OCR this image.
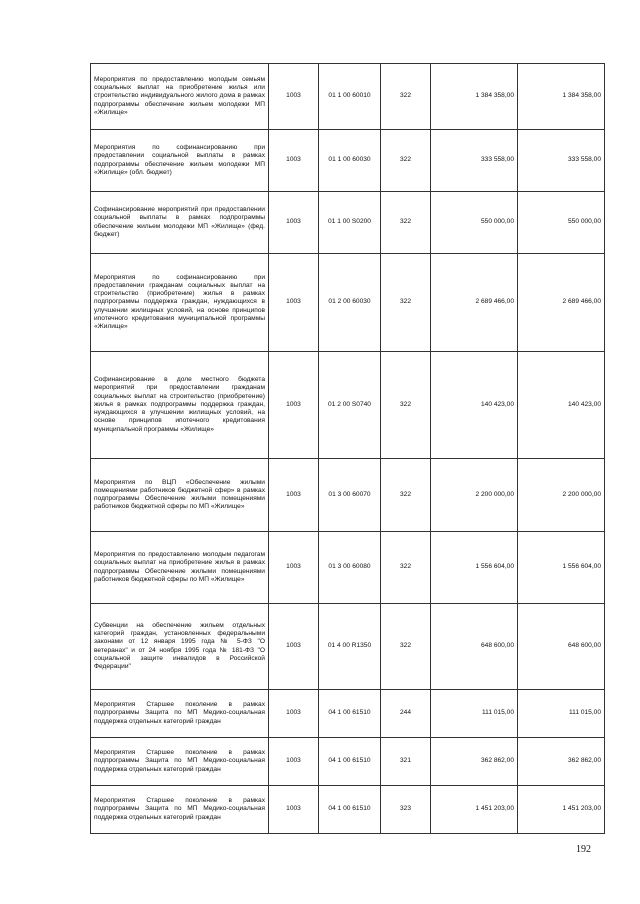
Мероприятия по предоставлению молодым семьям социальных выплат на приобретение жилья или строительство индивидуального жилого дома в рамках подпрограммы обеспечение жильем молодежи МП «Жилище»	1003	01 1 00 60010	322	1 384 358,00	1 384 358,00
Мероприятия по софинансированию при предоставлении социальной выплаты в рамках подпрограммы обеспечение жильем молодежи МП «Жилище» (обл. бюджет)	1003	01 1 00 60030	322	333 558,00	333 558,00
Софинансирование мероприятий при предоставлении социальной выплаты в рамках подпрограммы обеспечение жильем молодежи МП «Жилище» (фед. бюджет)	1003	01 1 00 S0200	322	550 000,00	550 000,00
Мероприятия по софинансированию при предоставлении гражданам социальных выплат на строительство (приобретение) жилья в рамках подпрограммы поддержка граждан, нуждающихся в улучшении жилищных условий, на основе принципов ипотечного кредитования муниципальной программы «Жилище»	1003	01 2 00 60030	322	2 689 466,00	2 689 466,00
Софинансирование в доле местного бюджета мероприятий при предоставлении гражданам социальных выплат на строительство (приобретение) жилья в рамках подпрограммы поддержка граждан, нуждающихся в улучшении жилищных условий, на основе принципов ипотечного кредитования муниципальной программы «Жилище»	1003	01 2 00 S0740	322	140 423,00	140 423,00
Мероприятия по ВЦП «Обеспечение жилыми помещениями работников бюджетной сфер» в рамках подпрограммы Обеспечение жилыми помещениями работников бюджетной сферы по МП «Жилище»	1003	01 3 00 60070	322	2 200 000,00	2 200 000,00
Мероприятия по предоставлению молодым педагогам социальных выплат на приобретение жилья в рамках подпрограммы Обеспечение жилыми помещениями работников бюджетной сферы по МП «Жилище»	1003	01 3 00 60080	322	1 556 604,00	1 556 604,00
Субвенции на обеспечение жильем отдельных категорий граждан, установленных федеральными законами от 12 января 1995 года № 5-ФЗ "О ветеранах" и от 24 ноября 1995 года № 181-ФЗ "О социальной защите инвалидов в Российской Федерации"	1003	01 4 00 R1350	322	648 600,00	648 600,00
Мероприятия Старшее поколение в рамках подпрограммы Защита по МП Медико-социальная поддержка отдельных категорий граждан	1003	04 1 00 61510	244	111 015,00	111 015,00
Мероприятия Старшее поколение в рамках подпрограммы Защита по МП Медико-социальная поддержка отдельных категорий граждан	1003	04 1 00 61510	321	362 862,00	362 862,00
Мероприятия Старшее поколение в рамках подпрограммы Защита по МП Медико-социальная поддержка отдельных категорий граждан	1003	04 1 00 61510	323	1 451 203,00	1 451 203,00
192
